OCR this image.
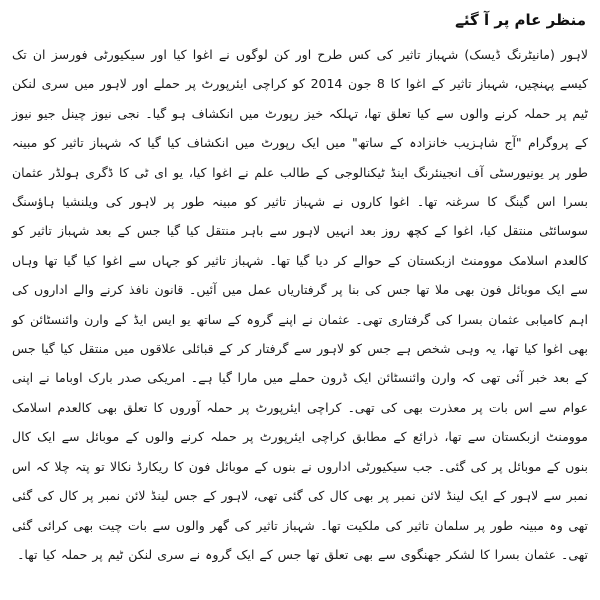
منظر عام پر آ گئے

لاہور (مانیٹرنگ ڈیسک) شہباز تاثیر کی کس طرح اور کن لوگوں نے اغوا کیا اور سیکیورٹی فورسز ان تک کیسے پہنچیں، شہباز تاثیر کے اغوا کا 8 جون 2014 کو کراچی ایئرپورٹ پر حملے اور لاہور میں سری لنکن ٹیم پر حملہ کرنے والوں سے کیا تعلق تھا، تہلکہ خیز رپورٹ میں انکشاف ہو گیا۔ نجی نیوز چینل جیو نیوز کے پروگرام "آج شاہزیب خانزادہ کے ساتھ" میں ایک رپورٹ میں انکشاف کیا گیا کہ شہباز تاثیر کو مبینہ طور پر یونیورسٹی آف انجینئرنگ اینڈ ٹیکنالوجی کے طالب علم نے اغوا کیا، یو ای ٹی کا ڈگری ہولڈر عثمان بسرا اس گینگ کا سرغنہ تھا۔ اغوا کاروں نے شہباز تاثیر کو مبینہ طور پر لاہور کی ویلنشیا ہاؤسنگ سوسائٹی منتقل کیا، اغوا کے کچھ روز بعد انہیں لاہور سے باہر منتقل کیا گیا جس کے بعد شہباز تاثیر کو کالعدم اسلامک موومنٹ ازبکستان کے حوالے کر دیا گیا تھا۔ شہباز تاثیر کو جہاں سے اغوا کیا گیا تھا وہاں سے ایک موبائل فون بھی ملا تھا جس کی بنا پر گرفتاریاں عمل میں آئیں۔ قانون نافذ کرنے والے اداروں کی اہم کامیابی عثمان بسرا کی گرفتاری تھی۔ عثمان نے اپنے گروہ کے ساتھ یو ایس ایڈ کے وارن وائنسٹائن کو بھی اغوا کیا تھا، یہ وہی شخص ہے جس کو لاہور سے گرفتار کر کے قبائلی علاقوں میں منتقل کیا گیا جس کے بعد خبر آئی تھی کہ وارن وائنسٹائن ایک ڈرون حملے میں مارا گیا ہے۔ امریکی صدر بارک اوباما نے اپنی عوام سے اس بات پر معذرت بھی کی تھی۔ کراچی ایئرپورٹ پر حملہ آوروں کا تعلق بھی کالعدم اسلامک موومنٹ ازبکستان سے تھا، ذرائع کے مطابق کراچی ایئرپورٹ پر حملہ کرنے والوں کے موبائل سے ایک کال بنوں کے موبائل پر کی گئی۔ جب سیکیورٹی اداروں نے بنوں کے موبائل فون کا ریکارڈ نکالا تو پتہ چلا کہ اس نمبر سے لاہور کے ایک لینڈ لائن نمبر پر بھی کال کی گئی تھی، لاہور کے جس لینڈ لائن نمبر پر کال کی گئی تھی وہ مبینہ طور پر سلمان تاثیر کی ملکیت تھا۔ شہباز تاثیر کی گھر والوں سے بات چیت بھی کرائی گئی تھی۔ عثمان بسرا کا لشکر جھنگوی سے بھی تعلق تھا جس کے ایک گروہ نے سری لنکن ٹیم پر حملہ کیا تھا۔
